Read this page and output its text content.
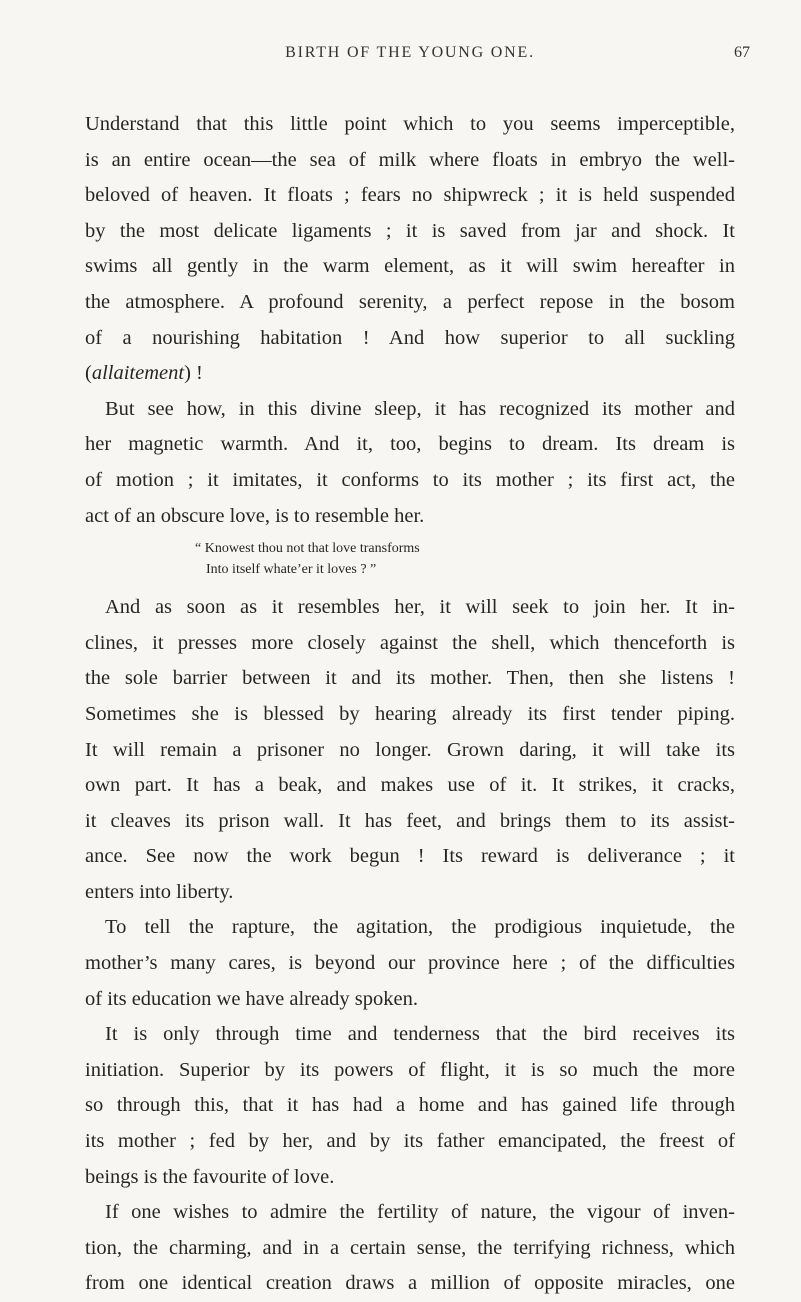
BIRTH OF THE YOUNG ONE.	67
Understand that this little point which to you seems imperceptible,
is an entire ocean—the sea of milk where floats in embryo the well-
beloved of heaven. It floats ; fears no shipwreck ; it is held suspended
by the most delicate ligaments ; it is saved from jar and shock. It
swims all gently in the warm element, as it will swim hereafter in
the atmosphere. A profound serenity, a perfect repose in the bosom
of a nourishing habitation ! And how superior to all suckling
(allaitement) !
But see how, in this divine sleep, it has recognized its mother and
her magnetic warmth. And it, too, begins to dream. Its dream is
of motion ; it imitates, it conforms to its mother ; its first act, the
act of an obscure love, is to resemble her.
“ Knowest thou not that love transforms
Into itself whate’er it loves ? ”
And as soon as it resembles her, it will seek to join her. It in-
clines, it presses more closely against the shell, which thenceforth is
the sole barrier between it and its mother. Then, then she listens !
Sometimes she is blessed by hearing already its first tender piping.
It will remain a prisoner no longer. Grown daring, it will take its
own part. It has a beak, and makes use of it. It strikes, it cracks,
it cleaves its prison wall. It has feet, and brings them to its assist-
ance. See now the work begun ! Its reward is deliverance ; it
enters into liberty.
To tell the rapture, the agitation, the prodigious inquietude, the
mother’s many cares, is beyond our province here ; of the difficulties
of its education we have already spoken.
It is only through time and tenderness that the bird receives its
initiation. Superior by its powers of flight, it is so much the more
so through this, that it has had a home and has gained life through
its mother ; fed by her, and by its father emancipated, the freest of
beings is the favourite of love.
If one wishes to admire the fertility of nature, the vigour of inven-
tion, the charming, and in a certain sense, the terrifying richness, which
from one identical creation draws a million of opposite miracles, one
